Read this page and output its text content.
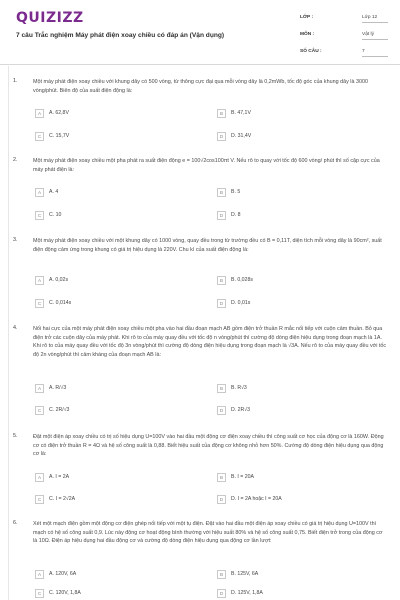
QUIZIZZ
7 câu Trắc nghiệm Máy phát điện xoay chiều có đáp án (Vận dụng)
LỚP :	Lớp 12
MÔN :	Vật lý
SỐ CÂU :	7
1.	Một máy phát điện xoay chiều với khung dây có 500 vòng, từ thông cực đại qua mỗi vòng dây là 0,2mWb, tốc độ góc của khung dây là 3000 vòng/phút. Biên độ của suất điện động là:
A	A. 62,8V	B	B. 47,1V
C	C. 15,7V	D	D. 31,4V
2.	Một máy phát điện xoay chiều một pha phát ra suất điện động e = 100√2cos100πt V. Nếu rô to quay với tốc độ 600 vòng/ phút thì số cặp cực của máy phát điện là:
A	A. 4	B	B. 5
C	C. 10	D	D. 8
3.	Một máy phát điện xoay chiều với một khung dây có 1000 vòng, quay đều trong từ trường đều có B = 0,11T, diện tích mỗi vòng dây là 90cm², suất điện động cảm ứng trong khung có giá trị hiệu dụng là 220V. Chu kì của suất điện động là:
A	A. 0,02s	B	B. 0,028s
C	C. 0,014s	D	D. 0,01s
4.	Nối hai cực của một máy phát điện xoay chiều một pha vào hai đầu đoạn mạch AB gồm điện trở thuần R mắc nối tiếp với cuộn cảm thuần. Bỏ qua điện trở các cuộn dây của máy phát. Khi rô to của máy quay đều với tốc độ n vòng/phút thì cường độ dòng điện hiệu dụng trong đoạn mạch là 1A. Khi rô to của máy quay đều với tốc độ 3n vòng/phút thì cường độ dòng điện hiệu dụng trong đoạn mạch là √3A. Nếu rô to của máy quay đều với tốc độ 2n vòng/phút thì cảm kháng của đoạn mạch AB là:
A	A. R/√3	B	B. R√3
C	C. 2R/√3	D	D. 2R√3
5.	Đặt một điện áp xoay chiều có trị số hiệu dụng U=100V vào hai đầu một động cơ điện xoay chiều thì công suất cơ học của động cơ là 160W. Động cơ có điện trở thuần R = 4Ω và hệ số công suất là 0,88. Biết hiệu suất của động cơ không nhỏ hơn 50%. Cường độ dòng điện hiệu dụng qua động cơ là:
A	A. I = 2A	B	B. I = 20A
C	C. I = 2√2A	D	D. I = 2A hoặc I = 20A
6.	Xét một mạch điện gồm một động cơ điện ghép nối tiếp với một tụ điện. Đặt vào hai đầu một điện áp xoay chiều có giá trị hiệu dụng U=100V thì mạch có hệ số công suất 0,9. Lúc này động cơ hoạt động bình thường với hiệu suất 80% và hệ số công suất 0,75. Biết điện trở trong của động cơ là 10Ω. Điện áp hiệu dụng hai đầu động cơ và cường độ dòng điện hiệu dụng qua động cơ lần lượt:
A	A. 120V, 6A	B	B. 125V, 6A
C	C. 120V, 1,8A	D	D. 125V, 1,8A
